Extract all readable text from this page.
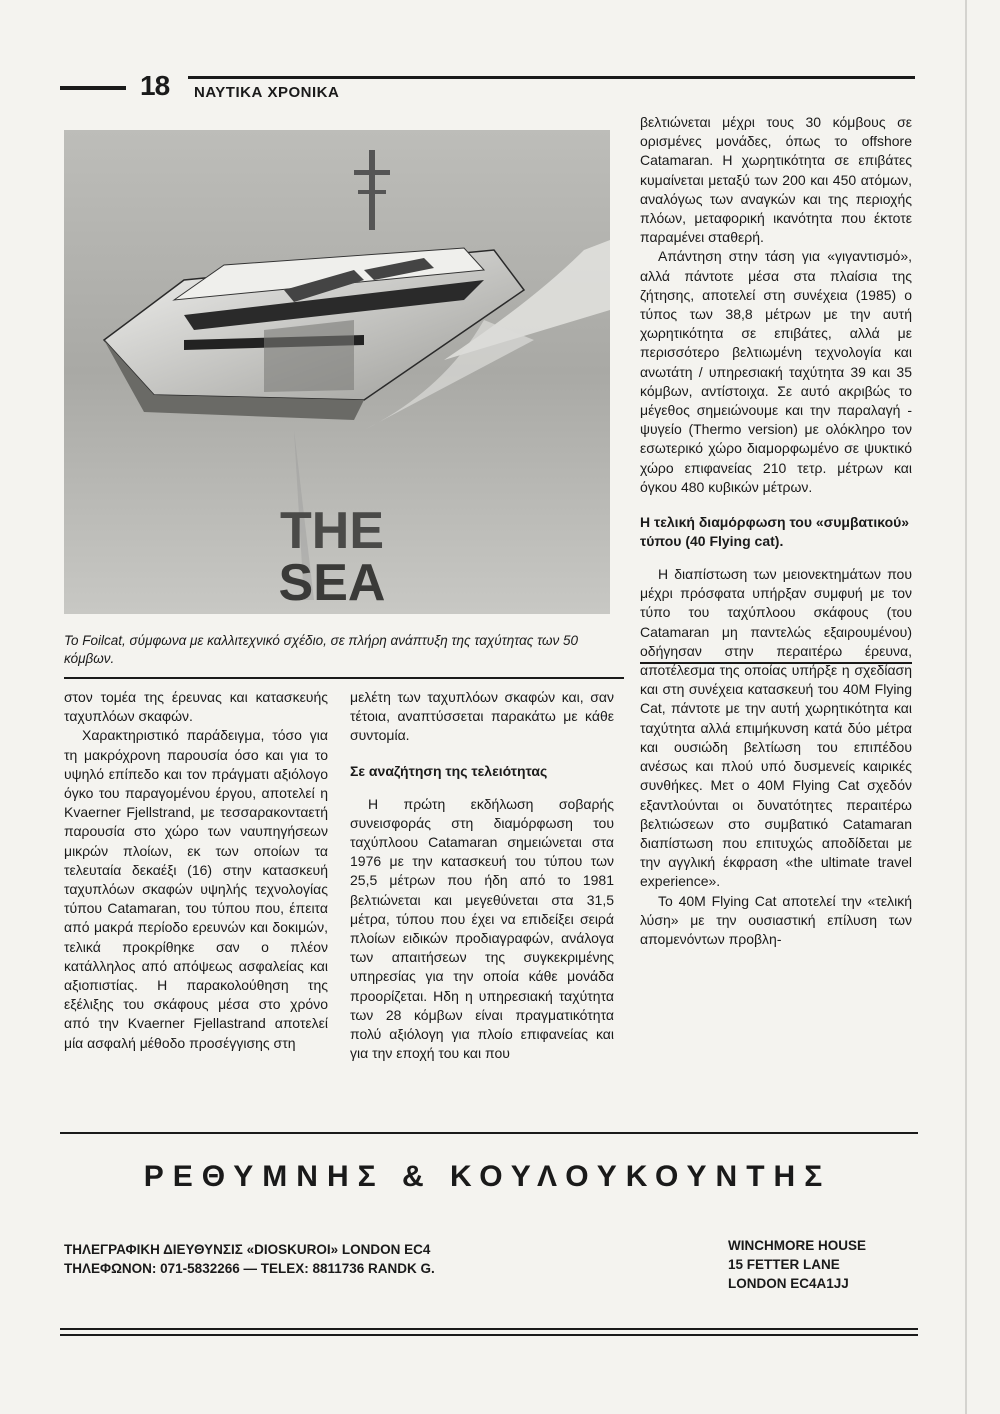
18 ΝΑΥΤΙΚΑ ΧΡΟΝΙΚΑ
SEA
THE
Το Foilcat, σύμφωνα με καλλιτεχνικό σχέδιο, σε πλήρη ανάπτυξη της ταχύτητας των 50 κόμβων.

στον τομέα της έρευνας και κατασκευής ταχυπλόων σκαφών.

Χαρακτηριστικό παράδειγμα, τόσο για τη μακρόχρονη παρουσία όσο και για το υψηλό επίπεδο και τον πράγματι αξιόλογο όγκο του παραγομένου έργου, αποτελεί η Kvaerner Fjellstrand, με τεσσαρακονταετή παρουσία στο χώρο των ναυπηγήσεων μικρών πλοίων, εκ των οποίων τα τελευταία δεκαέξι (16) στην κατασκευή ταχυπλόων σκαφών υψηλής τεχνολογίας τύπου Catamaran, του τύπου που, έπειτα από μακρά περίοδο ερευνών και δοκιμών, τελικά προκρίθηκε σαν ο πλέον κατάλληλος από απόψεως ασφαλείας και αξιοπιστίας. Η παρακολούθηση της εξέλιξης του σκάφους μέσα στο χρόνο από την Kvaerner Fjellastrand αποτελεί μία ασφαλή μέθοδο προσέγγισης στη

μελέτη των ταχυπλόων σκαφών και, σαν τέτοια, αναπτύσσεται παρακάτω με κάθε συντομία.

Σε αναζήτηση της τελειότητας

Η πρώτη εκδήλωση σοβαρής συνεισφοράς στη διαμόρφωση του ταχύπλοου Catamaran σημειώνεται στα 1976 με την κατασκευή του τύπου των 25,5 μέτρων που ήδη από το 1981 βελτιώνεται και μεγεθύνεται στα 31,5 μέτρα, τύπου που έχει να επιδείξει σειρά πλοίων ειδικών προδιαγραφών, ανάλογα των απαιτήσεων της συγκεκριμένης υπηρεσίας για την οποία κάθε μονάδα προορίζεται. Ηδη η υπηρεσιακή ταχύτητα των 28 κόμβων είναι πραγματικότητα πολύ αξιόλογη για πλοίο επιφανείας και για την εποχή του και που

βελτιώνεται μέχρι τους 30 κόμβους σε ορισμένες μονάδες, όπως το offshore Catamaran. Η χωρητικότητα σε επιβάτες κυμαίνεται μεταξύ των 200 και 450 ατόμων, αναλόγως των αναγκών και της περιοχής πλόων, μεταφορική ικανότητα που έκτοτε παραμένει σταθερή.

Απάντηση στην τάση για «γιγαντισμό», αλλά πάντοτε μέσα στα πλαίσια της ζήτησης, αποτελεί στη συνέχεια (1985) ο τύπος των 38,8 μέτρων με την αυτή χωρητικότητα σε επιβάτες, αλλά με περισσότερο βελτιωμένη τεχνολογία και ανωτάτη / υπηρεσιακή ταχύτητα 39 και 35 κόμβων, αντίστοιχα. Σε αυτό ακριβώς το μέγεθος σημειώνουμε και την παραλαγή - ψυγείο (Thermo version) με ολόκληρο τον εσωτερικό χώρο διαμορφωμένο σε ψυκτικό χώρο επιφανείας 210 τετρ. μέτρων και όγκου 480 κυβικών μέτρων.

Η τελική διαμόρφωση του «συμβατικού» τύπου (40 Flying cat).

Η διαπίστωση των μειονεκτημάτων που μέχρι πρόσφατα υπήρξαν συμφυή με τον τύπο του ταχύπλοου σκάφους (του Catamaran μη παντελώς εξαιρουμένου) οδήγησαν στην περαιτέρω έρευνα, αποτέλεσμα της οποίας υπήρξε η σχεδίαση και στη συνέχεια κατασκευή του 40M Flying Cat, πάντοτε με την αυτή χωρητικότητα και ταχύτητα αλλά επιμήκυνση κατά δύο μέτρα και ουσιώδη βελτίωση του επιπέδου ανέσως και πλού υπό δυσμενείς καιρικές συνθήκες. Μετ ο 40M Flying Cat σχεδόν εξαντλούνται οι δυνατότητες περαιτέρω βελτιώσεων στο συμβατικό Catamaran διαπίστωση που επιτυχώς αποδίδεται με την αγγλική έκφραση «the ultimate travel experience».

Το 40M Flying Cat αποτελεί την «τελική λύση» με την ουσιαστική επίλυση των απομενόντων προβλη-

ΡΕΘΥΜΝΗΣ & ΚΟΥΛΟΥΚΟΥΝΤΗΣ
ΤΗΛΕΓΡΑΦΙΚΗ ΔΙΕΥΘΥΝΣΙΣ «DIOSKUROI» LONDON EC4
ΤΗΛΕΦΩΝΟΝ: 071-5832266 — TELEX: 8811736 RANDK G.
WINCHMORE HOUSE
15 FETTER LANE
LONDON EC4A1JJ
